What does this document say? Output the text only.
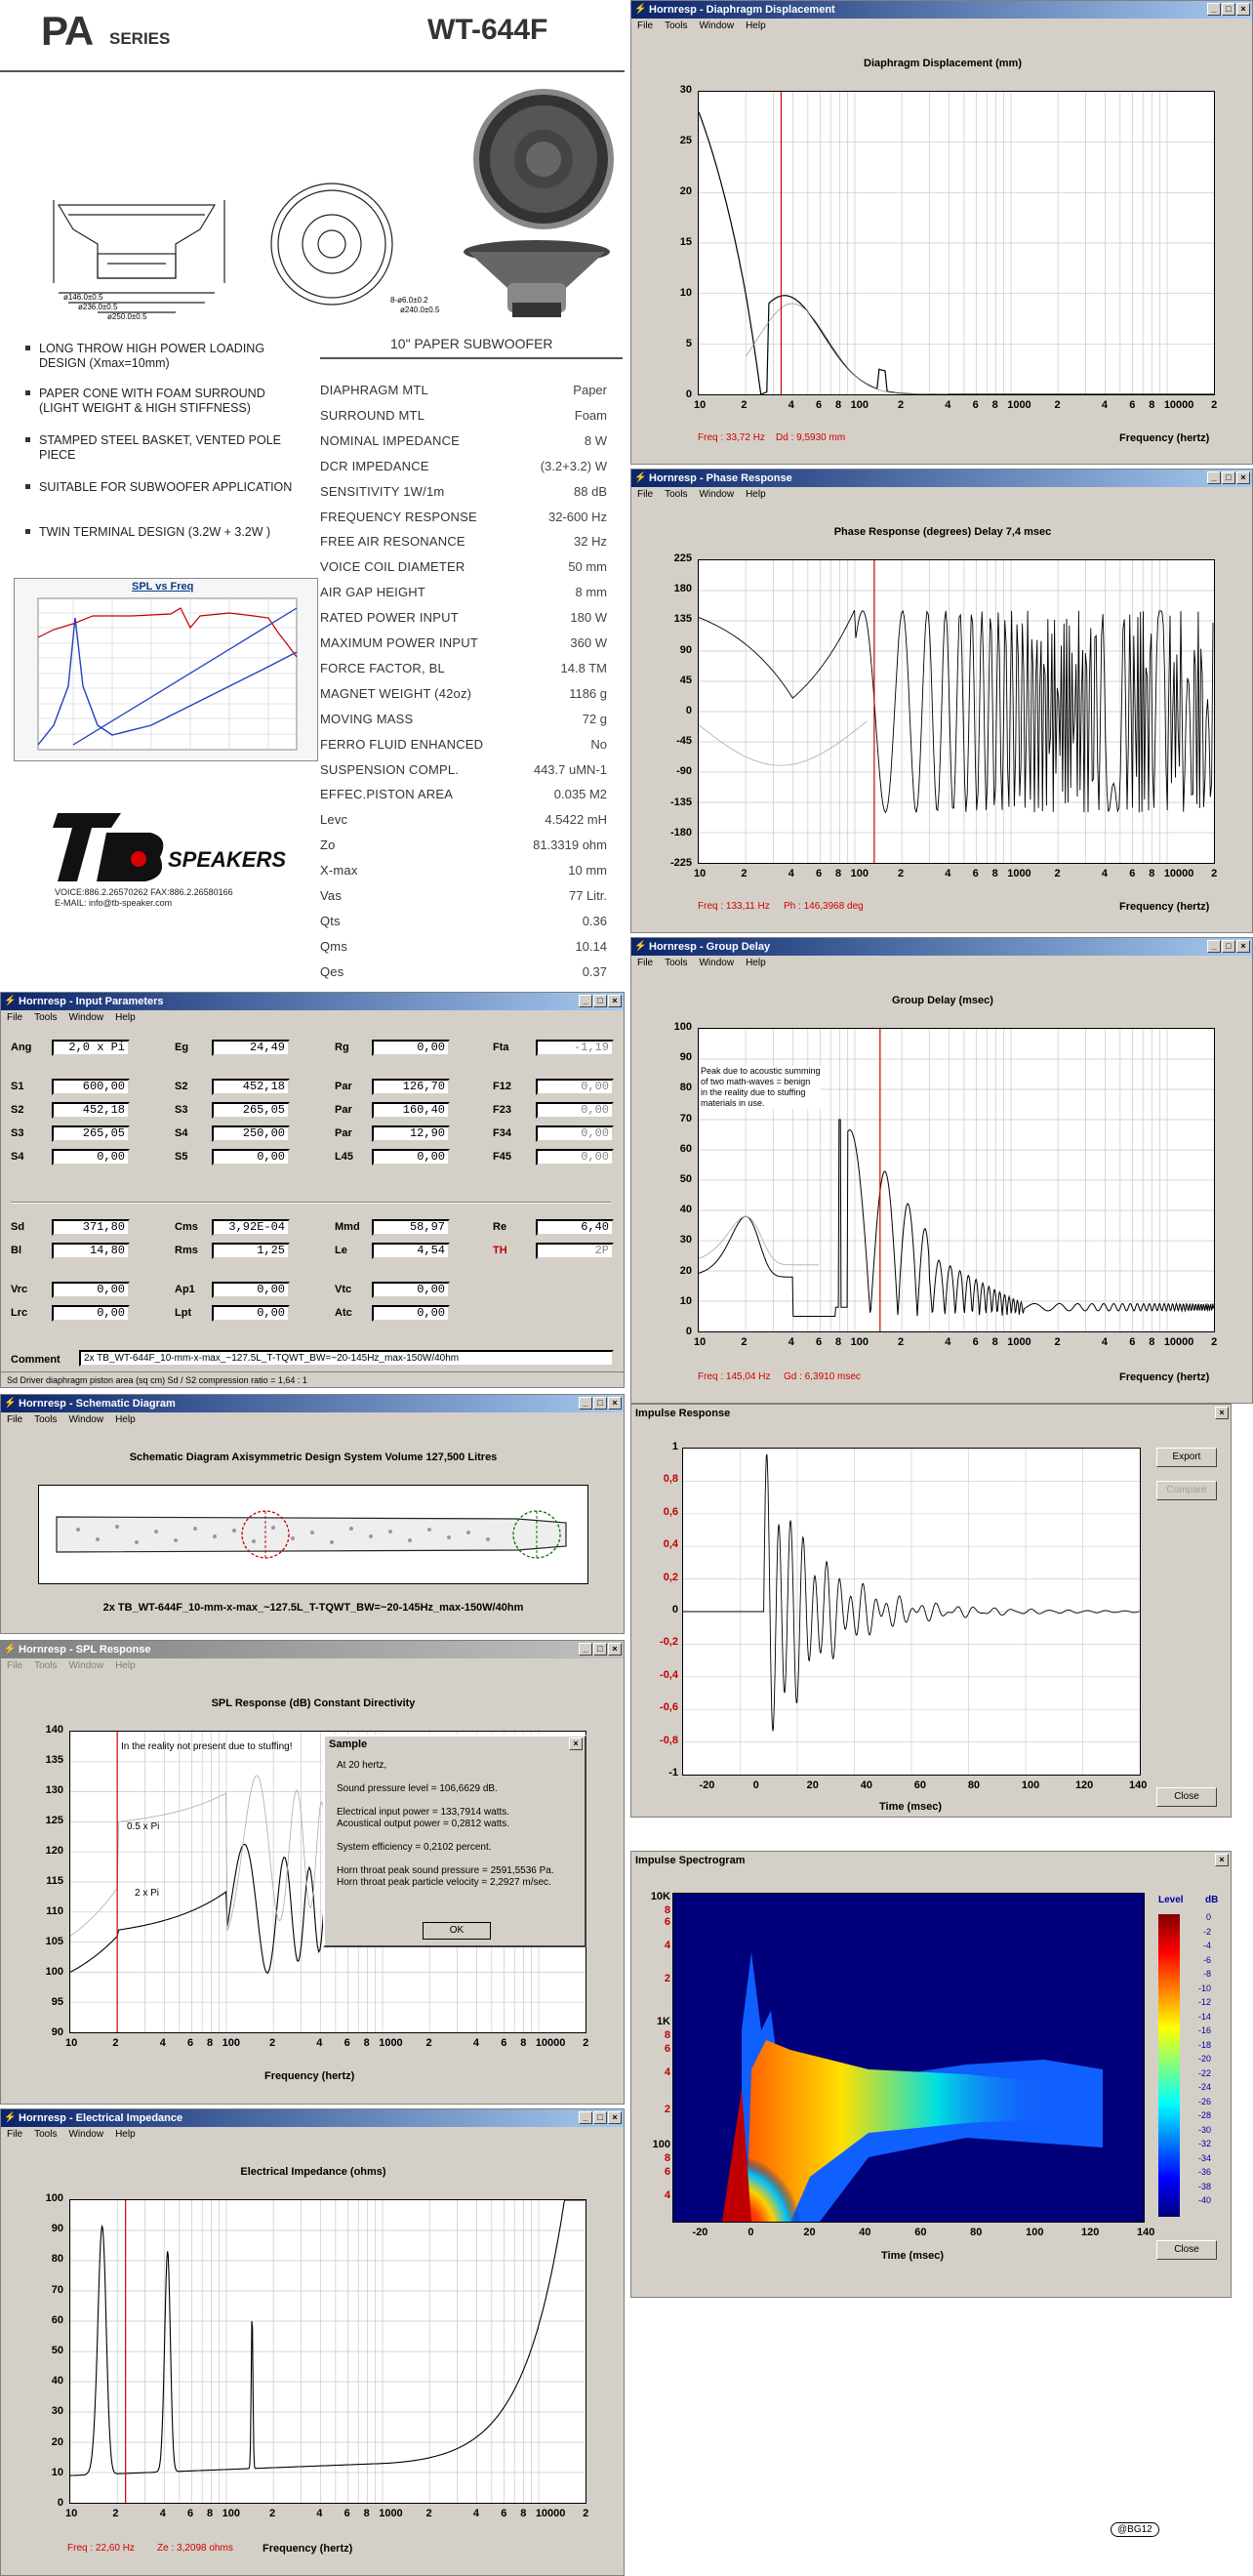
PA SERIES	WT-644F
ø146.0±0.5
ø236.0±0.5
ø250.0±0.5
8-ø6.0±0.2
ø240.0±0.5
10" PAPER SUBWOOFER
LONG THROW HIGH POWER LOADING DESIGN (Xmax=10mm)
PAPER CONE WITH FOAM SURROUND (LIGHT WEIGHT & HIGH STIFFNESS)
STAMPED STEEL BASKET, VENTED POLE PIECE
SUITABLE FOR SUBWOOFER APPLICATION
TWIN TERMINAL DESIGN (3.2W + 3.2W )
DIAPHRAGM MTL	Paper
SURROUND MTL	Foam
NOMINAL IMPEDANCE	8 W
DCR IMPEDANCE	(3.2+3.2) W
SENSITIVITY 1W/1m	88 dB
FREQUENCY RESPONSE	32-600 Hz
FREE AIR RESONANCE	32 Hz
VOICE COIL DIAMETER	50 mm
AIR GAP HEIGHT	8 mm
RATED POWER INPUT	180 W
MAXIMUM POWER INPUT	360 W
FORCE FACTOR, BL	14.8 TM
MAGNET WEIGHT (42oz)	1186 g
MOVING MASS	72 g
FERRO FLUID ENHANCED	No
SUSPENSION COMPL.	443.7 uMN-1
EFFEC.PISTON AREA	0.035 M2
Levc	4.5422 mH
Zo	81.3319 ohm
X-max	10 mm
Vas	77 Litr.
Qts	0.36
Qms	10.14
Qes	0.37
SPL vs Freq
SPEAKERS
VOICE:886.2.26570262 FAX:886.2.26580166
E-MAIL: info@tb-speaker.com
⚡ Hornresp - Diaphragm Displacement	_	□	×
File Tools Window Help
Diaphragm Displacement (mm)
30
25
20
15
10
5
0
10	2	4 6 8 100	2	4 6 8 1000 2	4 6 8 10000 2
Freq : 33,72 Hz Dd : 9,5930 mm	Frequency (hertz)
⚡ Hornresp - Phase Response	_	□	×
File Tools Window Help
Phase Response (degrees) Delay 7,4 msec
225
180
135
90
45
0
-45
-90
-135
-180
-225
10	2	4 6 8 100	2	4 6 8 1000 2	4 6 8 10000 2
Freq : 133,11 Hz Ph : 146,3968 deg	Frequency (hertz)
⚡ Hornresp - Group Delay	_	□	×
File Tools Window Help
Group Delay (msec)
Peak due to acoustic summing
of two math-waves = benign
in the reality due to stuffing
materials in use.
100
90
80
70
60
50
40
30
20
10
0
10	2	4 6 8 100	2	4 6 8 1000 2	4 6 8 10000 2
Freq : 145,04 Hz Gd : 6,3910 msec	Frequency (hertz)
⚡ Hornresp - Input Parameters	_	□	×
File Tools Window Help
Ang	2,0 x Pi	Eg	24,49	Rg	0,00	Fta	-1,19
S1	600,00	S2	452,18	Par	126,70	F12	0,00
S2	452,18	S3	265,05	Par	160,40	F23	0,00
S3	265,05	S4	250,00	Par	12,90	F34	0,00
S4	0,00	S5	0,00	L45	0,00	F45	0,00
Sd	371,80	Cms	3,92E-04	Mmd	58,97	Re	6,40
Bl	14,80	Rms	1,25	Le	4,54	TH	2P
Vrc	0,00	Ap1	0,00	Vtc	0,00
Lrc	0,00	Lpt	0,00	Atc	0,00
Comment	2x TB_WT-644F_10-mm-x-max_~127.5L_T-TQWT_BW=~20-145Hz_max-150W/40hm
Sd Driver diaphragm piston area (sq cm) Sd / S2 compression ratio = 1,64 : 1
⚡ Hornresp - Schematic Diagram	_	□	×
File Tools Window Help
Schematic Diagram Axisymmetric Design System Volume 127,500 Litres
2x TB_WT-644F_10-mm-x-max_~127.5L_T-TQWT_BW=~20-145Hz_max-150W/40hm
⚡ Hornresp - SPL Response	_	□	×
File Tools Window Help
SPL Response (dB) Constant Directivity
In the reality not present due to stuffing!
0.5 x Pi
2 x Pi
140
135
130
125
120
115
110
105
100
95
90
10	2	4 6 8 100	2	4 6 8 1000 2	4 6 8 10000 2
Frequency (hertz)
Sample	×
At 20 hertz,
Sound pressure level = 106,6629 dB.
Electrical input power = 133,7914 watts.
Acoustical output power = 0,2812 watts.
System efficiency = 0,2102 percent.
Horn throat peak sound pressure = 2591,5536 Pa.
Horn throat peak particle velocity = 2,2927 m/sec.
OK
⚡ Hornresp - Electrical Impedance	_	□	×
File Tools Window Help
Electrical Impedance (ohms)
100
90
80
70
60
50
40
30
20
10
0
10	2	4 6 8 100	2	4 6 8 1000 2	4 6 8 10000 2
Freq : 22,60 Hz Ze : 3,2098 ohms	Frequency (hertz)
Impulse Response	×
1
0,8
0,6
0,4
0,2
0
-0,2
-0,4
-0,6
-0,8
-1
-20	0	20	40	60	80	100	120	140
Time (msec)
Export
Compare
Close
Impulse Spectrogram	×
10K
8
6
4
2
1K
8
6
4
2
100
8
6
4
-20	0	20	40	60	80	100	120	140
Time (msec)
Level dB
0
-2
-4
-6
-8
-10
-12
-14
-16
-18
-20
-22
-24
-26
-28
-30
-32
-34
-36
-38
-40
Close
@BG12
